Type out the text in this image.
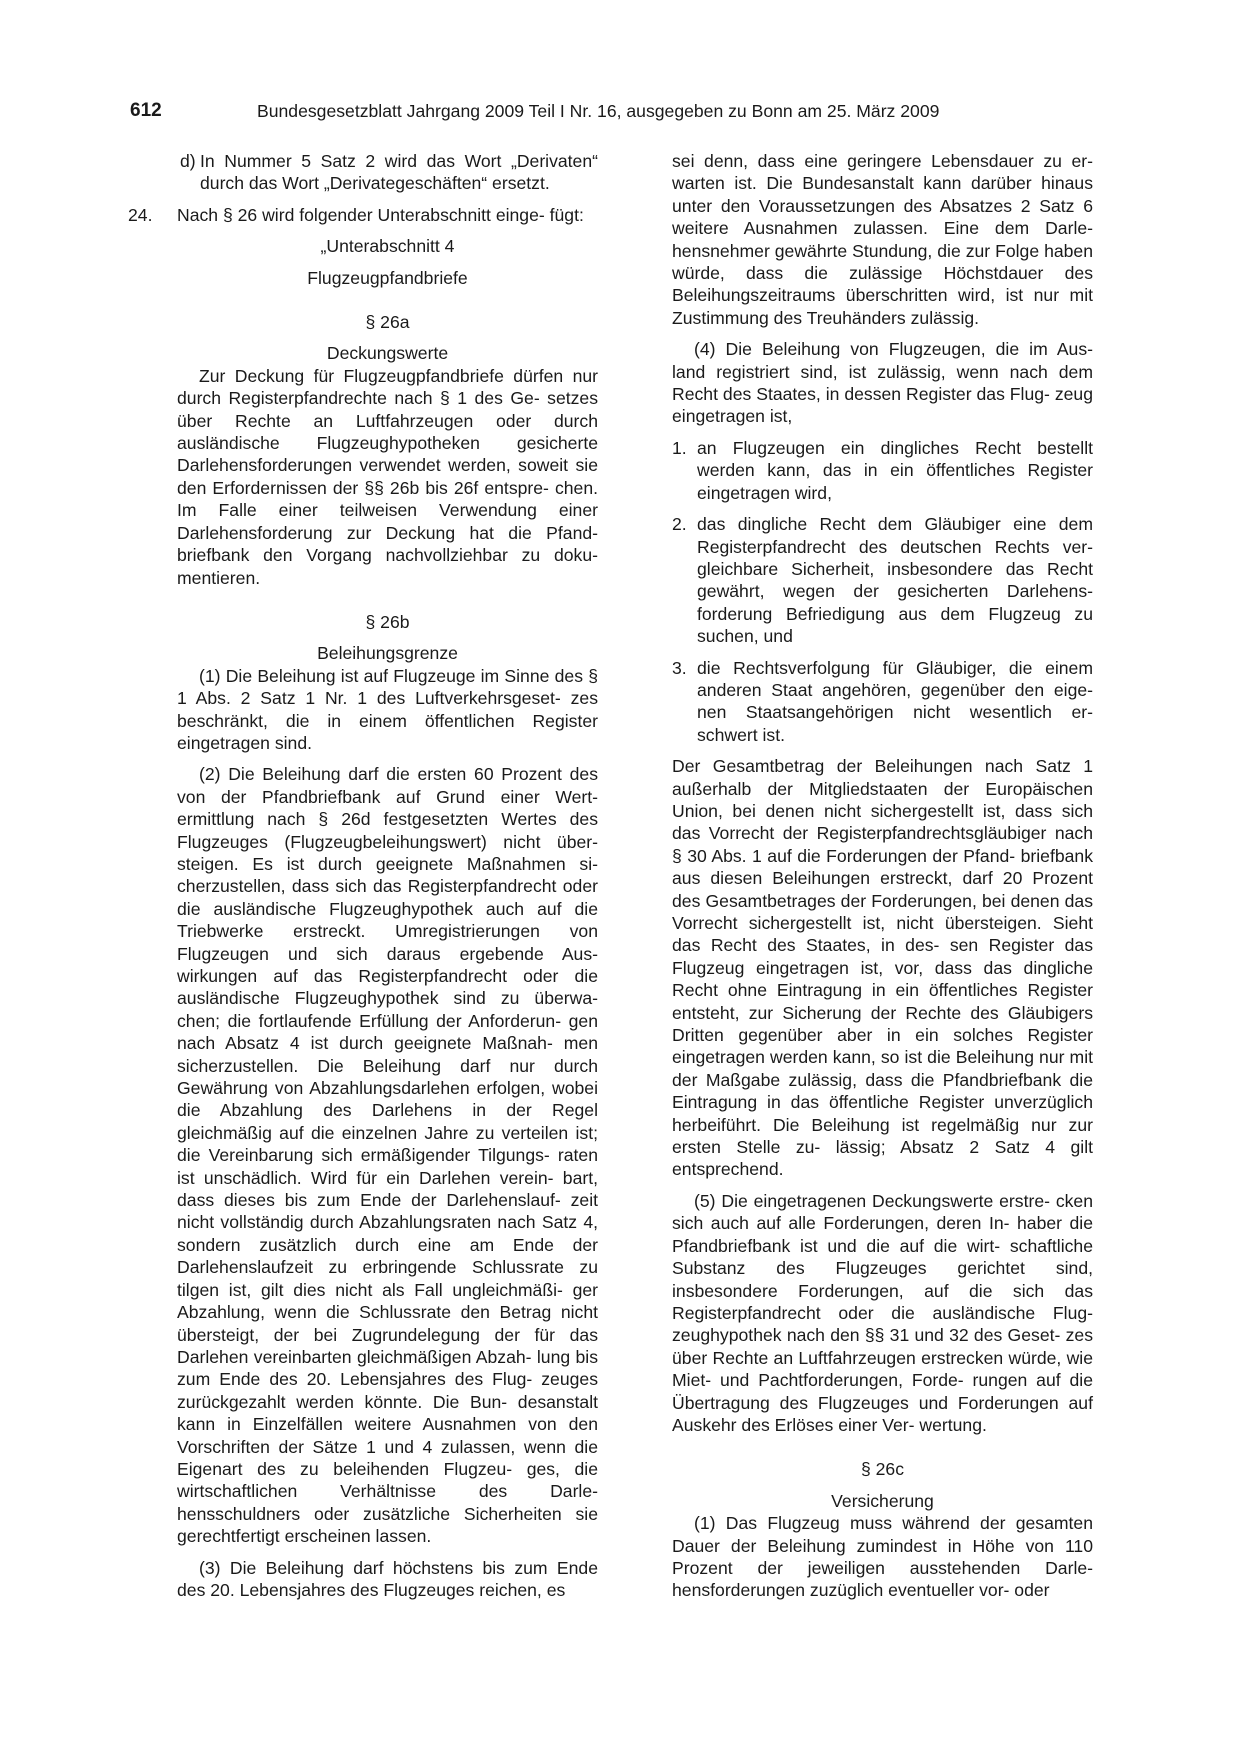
612	Bundesgesetzblatt Jahrgang 2009 Teil I Nr. 16, ausgegeben zu Bonn am 25. März 2009
d) In Nummer 5 Satz 2 wird das Wort „Derivaten“ durch das Wort „Derivategeschäften“ ersetzt.
24.	Nach § 26 wird folgender Unterabschnitt einge- fügt:

„Unterabschnitt 4

Flugzeugpfandbriefe

§ 26a

Deckungswerte

Zur Deckung für Flugzeugpfandbriefe dürfen nur durch Registerpfandrechte nach § 1 des Ge- setzes über Rechte an Luftfahrzeugen oder durch ausländische Flugzeughypotheken gesicherte Darlehensforderungen verwendet werden, soweit sie den Erfordernissen der §§ 26b bis 26f entspre- chen. Im Falle einer teilweisen Verwendung einer Darlehensforderung zur Deckung hat die Pfand- briefbank den Vorgang nachvollziehbar zu doku- mentieren.

§ 26b

Beleihungsgrenze

(1) Die Beleihung ist auf Flugzeuge im Sinne des § 1 Abs. 2 Satz 1 Nr. 1 des Luftverkehrsgeset- zes beschränkt, die in einem öffentlichen Register eingetragen sind.

(2) Die Beleihung darf die ersten 60 Prozent des von der Pfandbriefbank auf Grund einer Wert- ermittlung nach § 26d festgesetzten Wertes des Flugzeuges (Flugzeugbeleihungswert) nicht über- steigen. Es ist durch geeignete Maßnahmen si- cherzustellen, dass sich das Registerpfandrecht oder die ausländische Flugzeughypothek auch auf die Triebwerke erstreckt. Umregistrierungen von Flugzeugen und sich daraus ergebende Aus- wirkungen auf das Registerpfandrecht oder die ausländische Flugzeughypothek sind zu überwa- chen; die fortlaufende Erfüllung der Anforderun- gen nach Absatz 4 ist durch geeignete Maßnah- men sicherzustellen. Die Beleihung darf nur durch Gewährung von Abzahlungsdarlehen erfolgen, wobei die Abzahlung des Darlehens in der Regel gleichmäßig auf die einzelnen Jahre zu verteilen ist; die Vereinbarung sich ermäßigender Tilgungs- raten ist unschädlich. Wird für ein Darlehen verein- bart, dass dieses bis zum Ende der Darlehenslauf- zeit nicht vollständig durch Abzahlungsraten nach Satz 4, sondern zusätzlich durch eine am Ende der Darlehenslaufzeit zu erbringende Schlussrate zu tilgen ist, gilt dies nicht als Fall ungleichmäßi- ger Abzahlung, wenn die Schlussrate den Betrag nicht übersteigt, der bei Zugrundelegung der für das Darlehen vereinbarten gleichmäßigen Abzah- lung bis zum Ende des 20. Lebensjahres des Flug- zeuges zurückgezahlt werden könnte. Die Bun- desanstalt kann in Einzelfällen weitere Ausnahmen von den Vorschriften der Sätze 1 und 4 zulassen, wenn die Eigenart des zu beleihenden Flugzeu- ges, die wirtschaftlichen Verhältnisse des Darle- hensschuldners oder zusätzliche Sicherheiten sie gerechtfertigt erscheinen lassen.

(3) Die Beleihung darf höchstens bis zum Ende des 20. Lebensjahres des Flugzeuges reichen, es

sei denn, dass eine geringere Lebensdauer zu er- warten ist. Die Bundesanstalt kann darüber hinaus unter den Voraussetzungen des Absatzes 2 Satz 6 weitere Ausnahmen zulassen. Eine dem Darle- hensnehmer gewährte Stundung, die zur Folge haben würde, dass die zulässige Höchstdauer des Beleihungszeitraums überschritten wird, ist nur mit Zustimmung des Treuhänders zulässig.

(4) Die Beleihung von Flugzeugen, die im Aus- land registriert sind, ist zulässig, wenn nach dem Recht des Staates, in dessen Register das Flug- zeug eingetragen ist,

1. an Flugzeugen ein dingliches Recht bestellt werden kann, das in ein öffentliches Register eingetragen wird,
2. das dingliche Recht dem Gläubiger eine dem Registerpfandrecht des deutschen Rechts ver- gleichbare Sicherheit, insbesondere das Recht gewährt, wegen der gesicherten Darlehens- forderung Befriedigung aus dem Flugzeug zu suchen, und
3. die Rechtsverfolgung für Gläubiger, die einem anderen Staat angehören, gegenüber den eige- nen Staatsangehörigen nicht wesentlich er- schwert ist.

Der Gesamtbetrag der Beleihungen nach Satz 1 außerhalb der Mitgliedstaaten der Europäischen Union, bei denen nicht sichergestellt ist, dass sich das Vorrecht der Registerpfandrechtsgläubiger nach § 30 Abs. 1 auf die Forderungen der Pfand- briefbank aus diesen Beleihungen erstreckt, darf 20 Prozent des Gesamtbetrages der Forderungen, bei denen das Vorrecht sichergestellt ist, nicht übersteigen. Sieht das Recht des Staates, in des- sen Register das Flugzeug eingetragen ist, vor, dass das dingliche Recht ohne Eintragung in ein öffentliches Register entsteht, zur Sicherung der Rechte des Gläubigers Dritten gegenüber aber in ein solches Register eingetragen werden kann, so ist die Beleihung nur mit der Maßgabe zulässig, dass die Pfandbriefbank die Eintragung in das öffentliche Register unverzüglich herbeiführt. Die Beleihung ist regelmäßig nur zur ersten Stelle zu- lässig; Absatz 2 Satz 4 gilt entsprechend.

(5) Die eingetragenen Deckungswerte erstre- cken sich auch auf alle Forderungen, deren In- haber die Pfandbriefbank ist und die auf die wirt- schaftliche Substanz des Flugzeuges gerichtet sind, insbesondere Forderungen, auf die sich das Registerpfandrecht oder die ausländische Flug- zeughypothek nach den §§ 31 und 32 des Geset- zes über Rechte an Luftfahrzeugen erstrecken würde, wie Miet- und Pachtforderungen, Forde- rungen auf die Übertragung des Flugzeuges und Forderungen auf Auskehr des Erlöses einer Ver- wertung.

§ 26c

Versicherung

(1) Das Flugzeug muss während der gesamten Dauer der Beleihung zumindest in Höhe von 110 Prozent der jeweiligen ausstehenden Darle- hensforderungen zuzüglich eventueller vor- oder
